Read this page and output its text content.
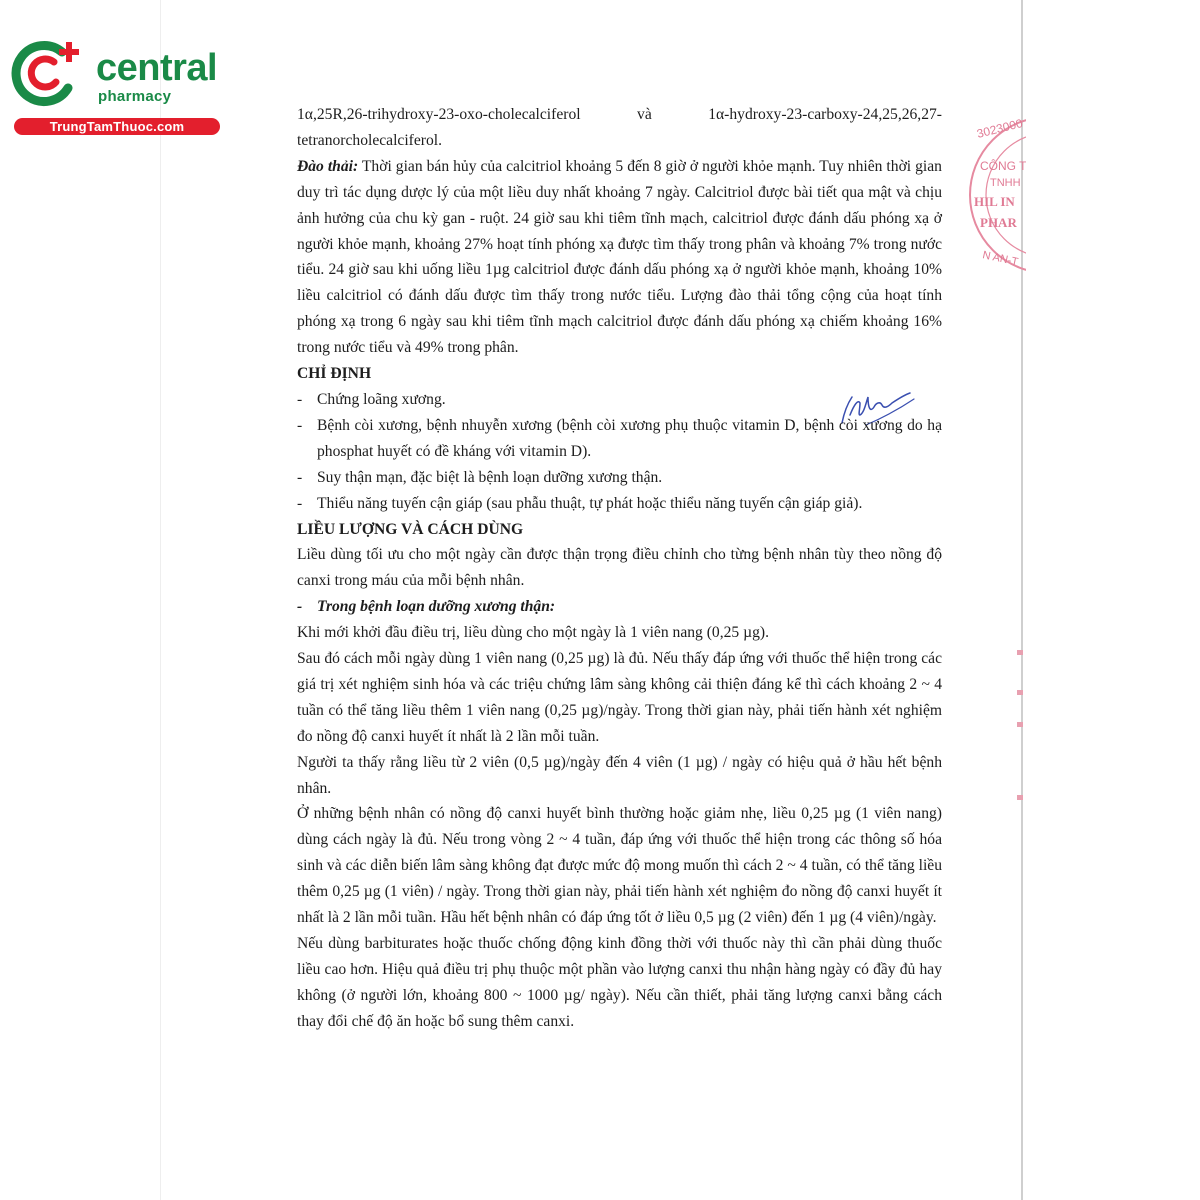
central
pharmacy
TrungTamThuoc.com	3023000
CÔNG T
TNHH
HIL IN
PHAR
N AN-T
1α,25R,26-trihydroxy-23-oxo-cholecalciferol	và	1α-hydroxy-23-carboxy-24,25,26,27-

tetranorcholecalciferol.

Đào thải: Thời gian bán hủy của calcitriol khoảng 5 đến 8 giờ ở người khỏe mạnh. Tuy nhiên thời gian duy trì tác dụng dược lý của một liều duy nhất khoảng 7 ngày. Calcitriol được bài tiết qua mật và chịu ảnh hưởng của chu kỳ gan - ruột. 24 giờ sau khi tiêm tĩnh mạch, calcitriol được đánh dấu phóng xạ ở người khỏe mạnh, khoảng 27% hoạt tính phóng xạ được tìm thấy trong phân và khoảng 7% trong nước tiểu. 24 giờ sau khi uống liều 1µg calcitriol được đánh dấu phóng xạ ở người khỏe mạnh, khoảng 10% liều calcitriol có đánh dấu được tìm thấy trong nước tiểu. Lượng đào thải tổng cộng của hoạt tính phóng xạ trong 6 ngày sau khi tiêm tĩnh mạch calcitriol được đánh dấu phóng xạ chiếm khoảng 16% trong nước tiểu và 49% trong phân.

CHỈ ĐỊNH

- Chứng loãng xương.

- Bệnh còi xương, bệnh nhuyễn xương (bệnh còi xương phụ thuộc vitamin D, bệnh còi xương do hạ phosphat huyết có đề kháng với vitamin D).

- Suy thận mạn, đặc biệt là bệnh loạn dưỡng xương thận.

- Thiểu năng tuyến cận giáp (sau phẫu thuật, tự phát hoặc thiểu năng tuyến cận giáp giả).

LIỀU LƯỢNG VÀ CÁCH DÙNG

Liều dùng tối ưu cho một ngày cần được thận trọng điều chỉnh cho từng bệnh nhân tùy theo nồng độ canxi trong máu của mỗi bệnh nhân.

- Trong bệnh loạn dưỡng xương thận:

Khi mới khởi đầu điều trị, liều dùng cho một ngày là 1 viên nang (0,25 µg).

Sau đó cách mỗi ngày dùng 1 viên nang (0,25 µg) là đủ. Nếu thấy đáp ứng với thuốc thể hiện trong các giá trị xét nghiệm sinh hóa và các triệu chứng lâm sàng không cải thiện đáng kể thì cách khoảng 2 ~ 4 tuần có thể tăng liều thêm 1 viên nang (0,25 µg)/ngày. Trong thời gian này, phải tiến hành xét nghiệm đo nồng độ canxi huyết ít nhất là 2 lần mỗi tuần.

Người ta thấy rằng liều từ 2 viên (0,5 µg)/ngày đến 4 viên (1 µg) / ngày có hiệu quả ở hầu hết bệnh nhân.

Ở những bệnh nhân có nồng độ canxi huyết bình thường hoặc giảm nhẹ, liều 0,25 µg (1 viên nang) dùng cách ngày là đủ. Nếu trong vòng 2 ~ 4 tuần, đáp ứng với thuốc thể hiện trong các thông số hóa sinh và các diễn biến lâm sàng không đạt được mức độ mong muốn thì cách 2 ~ 4 tuần, có thể tăng liều thêm 0,25 µg (1 viên) / ngày. Trong thời gian này, phải tiến hành xét nghiệm đo nồng độ canxi huyết ít nhất là 2 lần mỗi tuần. Hầu hết bệnh nhân có đáp ứng tốt ở liều 0,5 µg (2 viên) đến 1 µg (4 viên)/ngày.

Nếu dùng barbiturates hoặc thuốc chống động kinh đồng thời với thuốc này thì cần phải dùng thuốc liều cao hơn. Hiệu quả điều trị phụ thuộc một phần vào lượng canxi thu nhận hàng ngày có đầy đủ hay không (ở người lớn, khoảng 800 ~ 1000 µg/ ngày). Nếu cần thiết, phải tăng lượng canxi bằng cách thay đổi chế độ ăn hoặc bổ sung thêm canxi.
